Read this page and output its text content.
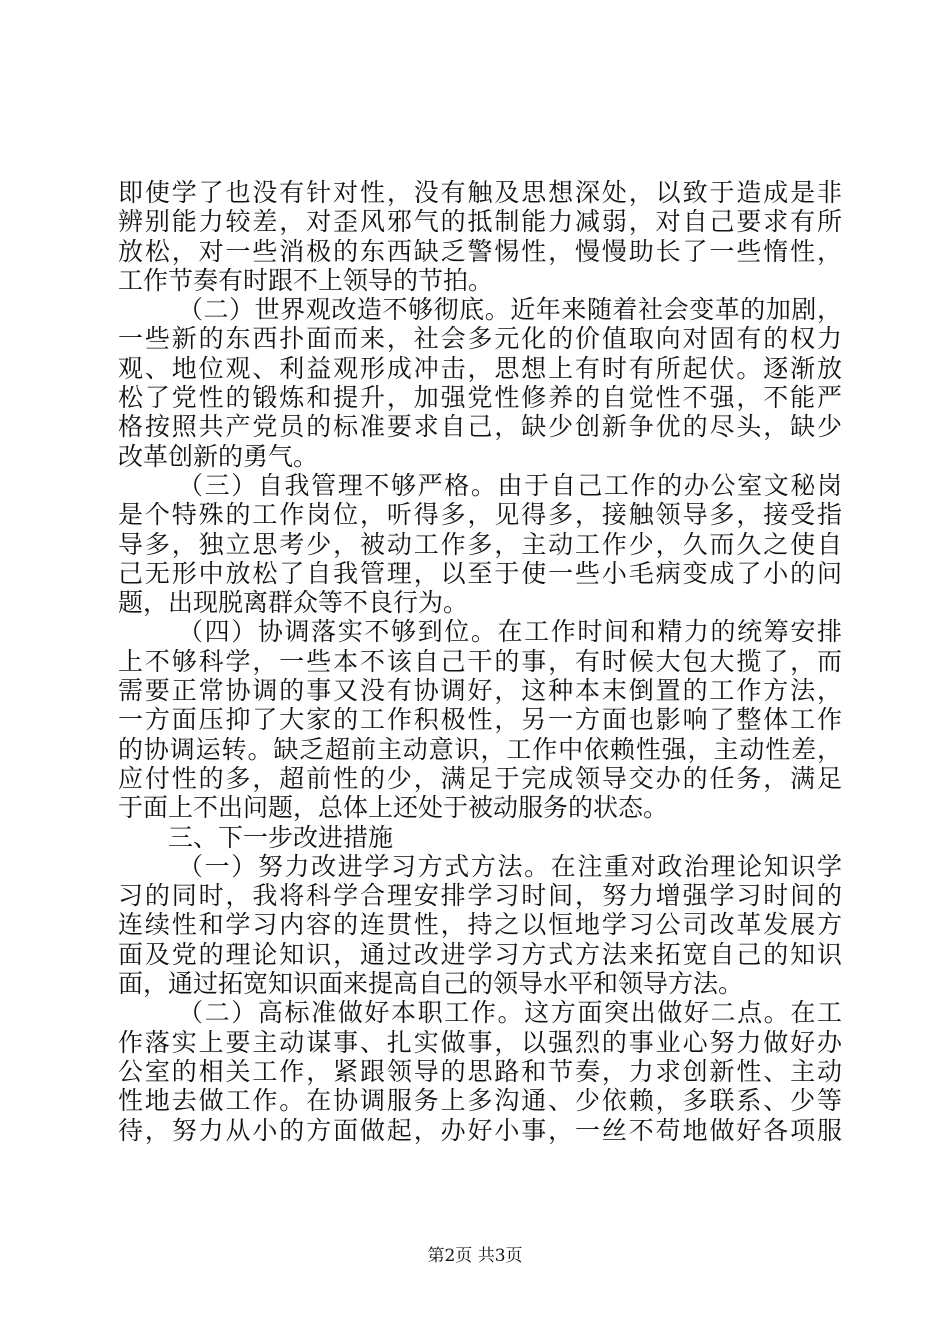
即使学了也没有针对性，没有触及思想深处，以致于造成是非
辨别能力较差，对歪风邪气的抵制能力减弱，对自己要求有所
放松，对一些消极的东西缺乏警惕性，慢慢助长了一些惰性，
工作节奏有时跟不上领导的节拍。
（二）世界观改造不够彻底。近年来随着社会变革的加剧，
一些新的东西扑面而来，社会多元化的价值取向对固有的权力
观、地位观、利益观形成冲击，思想上有时有所起伏。逐渐放
松了党性的锻炼和提升，加强党性修养的自觉性不强，不能严
格按照共产党员的标准要求自己，缺少创新争优的尽头，缺少
改革创新的勇气。
（三）自我管理不够严格。由于自己工作的办公室文秘岗
是个特殊的工作岗位，听得多，见得多，接触领导多，接受指
导多，独立思考少，被动工作多，主动工作少，久而久之使自
己无形中放松了自我管理，以至于使一些小毛病变成了小的问
题，出现脱离群众等不良行为。
（四）协调落实不够到位。在工作时间和精力的统筹安排
上不够科学，一些本不该自己干的事，有时候大包大揽了，而
需要正常协调的事又没有协调好，这种本末倒置的工作方法，
一方面压抑了大家的工作积极性，另一方面也影响了整体工作
的协调运转。缺乏超前主动意识，工作中依赖性强，主动性差，
应付性的多，超前性的少，满足于完成领导交办的任务，满足
于面上不出问题，总体上还处于被动服务的状态。
三、下一步改进措施
（一）努力改进学习方式方法。在注重对政治理论知识学
习的同时，我将科学合理安排学习时间，努力增强学习时间的
连续性和学习内容的连贯性，持之以恒地学习公司改革发展方
面及党的理论知识，通过改进学习方式方法来拓宽自己的知识
面，通过拓宽知识面来提高自己的领导水平和领导方法。
（二）高标准做好本职工作。这方面突出做好二点。在工
作落实上要主动谋事、扎实做事，以强烈的事业心努力做好办
公室的相关工作，紧跟领导的思路和节奏，力求创新性、主动
性地去做工作。在协调服务上多沟通、少依赖，多联系、少等
待，努力从小的方面做起，办好小事，一丝不苟地做好各项服
第2页 共3页
